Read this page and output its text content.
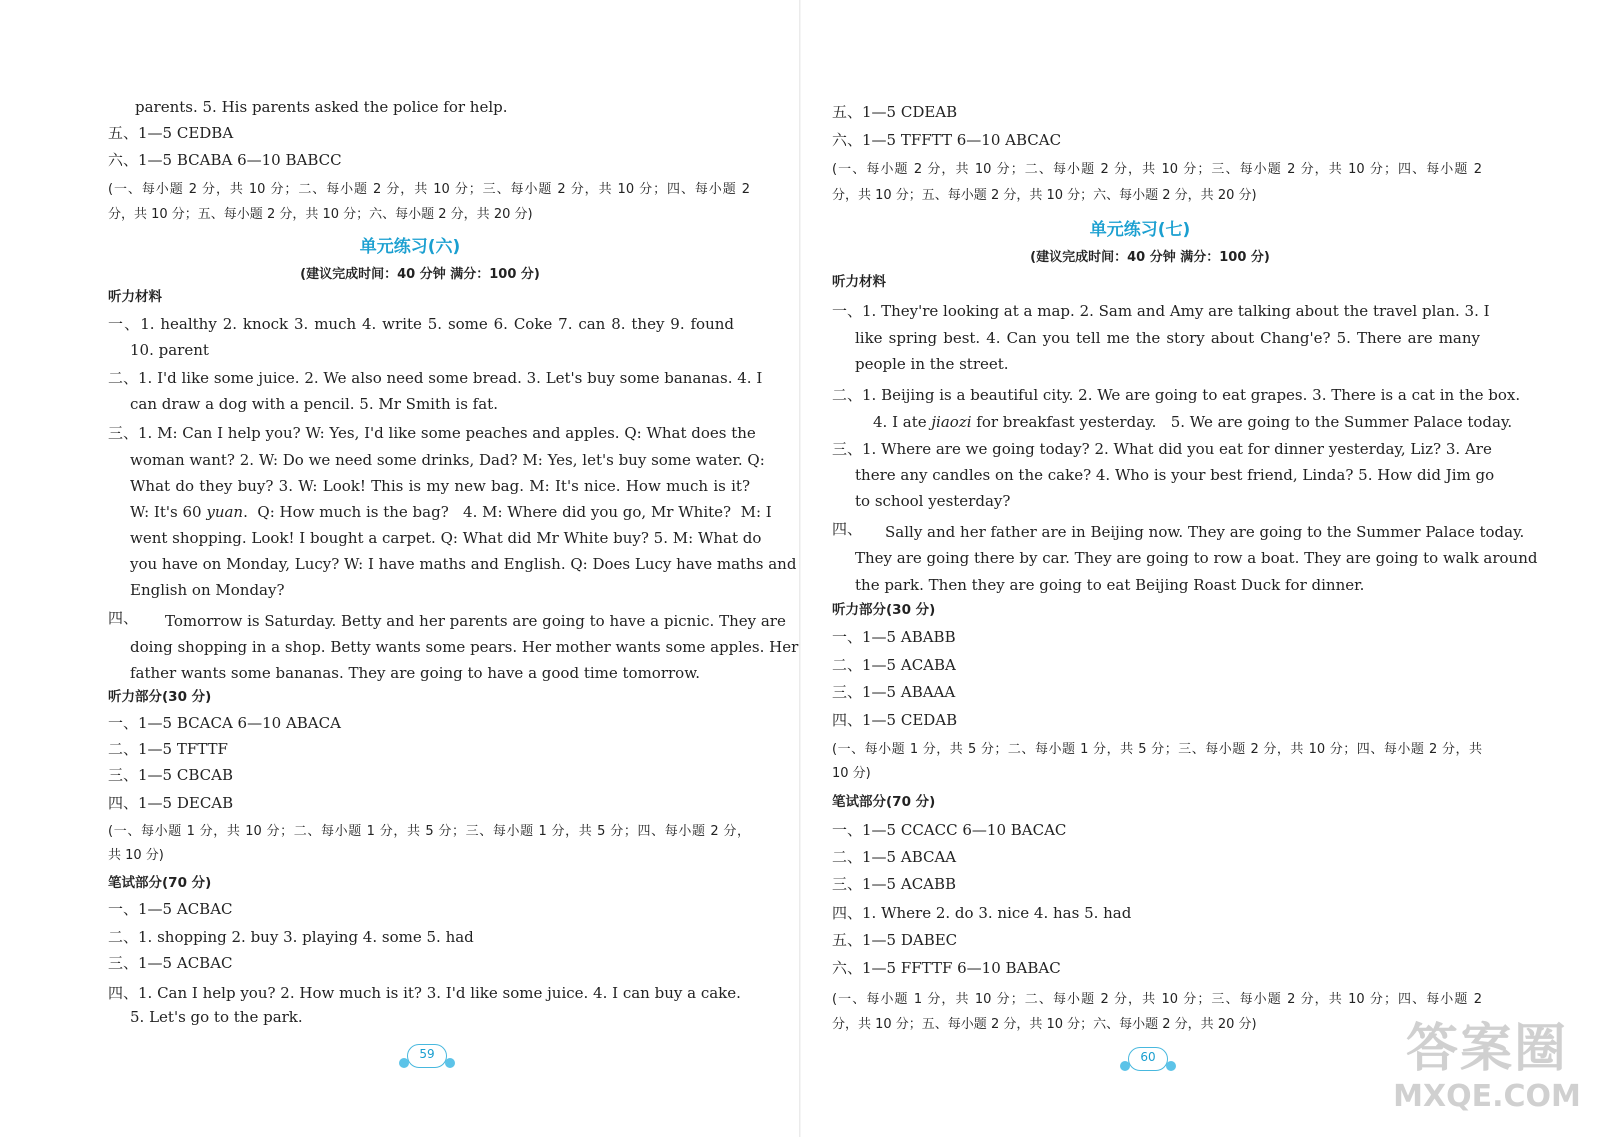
parents. 5. His parents asked the police for help.
五、1—5 CEDBA
六、1—5 BCABA 6—10 BABCC
(一、每小题 2 分，共 10 分；二、每小题 2 分，共 10 分；三、每小题 2 分，共 10 分；四、每小题 2
分，共 10 分；五、每小题 2 分，共 10 分；六、每小题 2 分，共 20 分)
单元练习(六)
(建议完成时间：40 分钟 满分：100 分)
听力材料
一、1. healthy 2. knock 3. much 4. write 5. some 6. Coke 7. can 8. they 9. found
10. parent
二、1. I'd like some juice. 2. We also need some bread. 3. Let's buy some bananas. 4. I
can draw a dog with a pencil. 5. Mr Smith is fat.
三、1. M: Can I help you? W: Yes, I'd like some peaches and apples. Q: What does the
woman want? 2. W: Do we need some drinks, Dad? M: Yes, let's buy some water. Q:
What do they buy? 3. W: Look! This is my new bag. M: It's nice. How much is it?
W: It's 60 yuan .  Q: How much is the bag?   4. M: Where did you go, Mr White?  M: I
went shopping. Look! I bought a carpet. Q: What did Mr White buy? 5. M: What do
you have on Monday, Lucy? W: I have maths and English. Q: Does Lucy have maths and
English on Monday?
四、 Tomorrow is Saturday. Betty and her parents are going to have a picnic. They are
doing shopping in a shop. Betty wants some pears. Her mother wants some apples. Her
father wants some bananas. They are going to have a good time tomorrow.
听力部分(30 分)
一、1—5 BCACA 6—10 ABACA
二、1—5 TFTTF
三、1—5 CBCAB
四、1—5 DECAB
(一、每小题 1 分，共 10 分；二、每小题 1 分，共 5 分；三、每小题 1 分，共 5 分；四、每小题 2 分，
共 10 分)
笔试部分(70 分)
一、1—5 ACBAC
二、1. shopping 2. buy 3. playing 4. some 5. had
三、1—5 ACBAC
四、1. Can I help you? 2. How much is it? 3. I'd like some juice. 4. I can buy a cake.
5. Let's go to the park.
59
五、1—5 CDEAB
六、1—5 TFFTT 6—10 ABCAC
(一、每小题 2 分，共 10 分；二、每小题 2 分，共 10 分；三、每小题 2 分，共 10 分；四、每小题 2
分，共 10 分；五、每小题 2 分，共 10 分；六、每小题 2 分，共 20 分)
单元练习(七)
(建议完成时间：40 分钟 满分：100 分)
听力材料
一、1. They're looking at a map. 2. Sam and Amy are talking about the travel plan. 3. I
like spring best. 4. Can you tell me the story about Chang'e? 5. There are many
people in the street.
二、1. Beijing is a beautiful city. 2. We are going to eat grapes. 3. There is a cat in the box.
4. I ate jiaozi for breakfast yesterday.   5. We are going to the Summer Palace today.
三、1. Where are we going today? 2. What did you eat for dinner yesterday, Liz? 3. Are
there any candles on the cake? 4. Who is your best friend, Linda? 5. How did Jim go
to school yesterday?
四、 Sally and her father are in Beijing now. They are going to the Summer Palace today.
They are going there by car. They are going to row a boat. They are going to walk around
the park. Then they are going to eat Beijing Roast Duck for dinner.
听力部分(30 分)
一、1—5 ABABB
二、1—5 ACABA
三、1—5 ABAAA
四、1—5 CEDAB
(一、每小题 1 分，共 5 分；二、每小题 1 分，共 5 分；三、每小题 2 分，共 10 分；四、每小题 2 分，共
10 分)
笔试部分(70 分)
一、1—5 CCACC 6—10 BACAC
二、1—5 ABCAA
三、1—5 ACABB
四、1. Where 2. do 3. nice 4. has 5. had
五、1—5 DABEC
六、1—5 FFTTF 6—10 BABAC
(一、每小题 1 分，共 10 分；二、每小题 2 分，共 10 分；三、每小题 2 分，共 10 分；四、每小题 2
分，共 10 分；五、每小题 2 分，共 10 分；六、每小题 2 分，共 20 分)
60	答案圈
MXQE.COM
